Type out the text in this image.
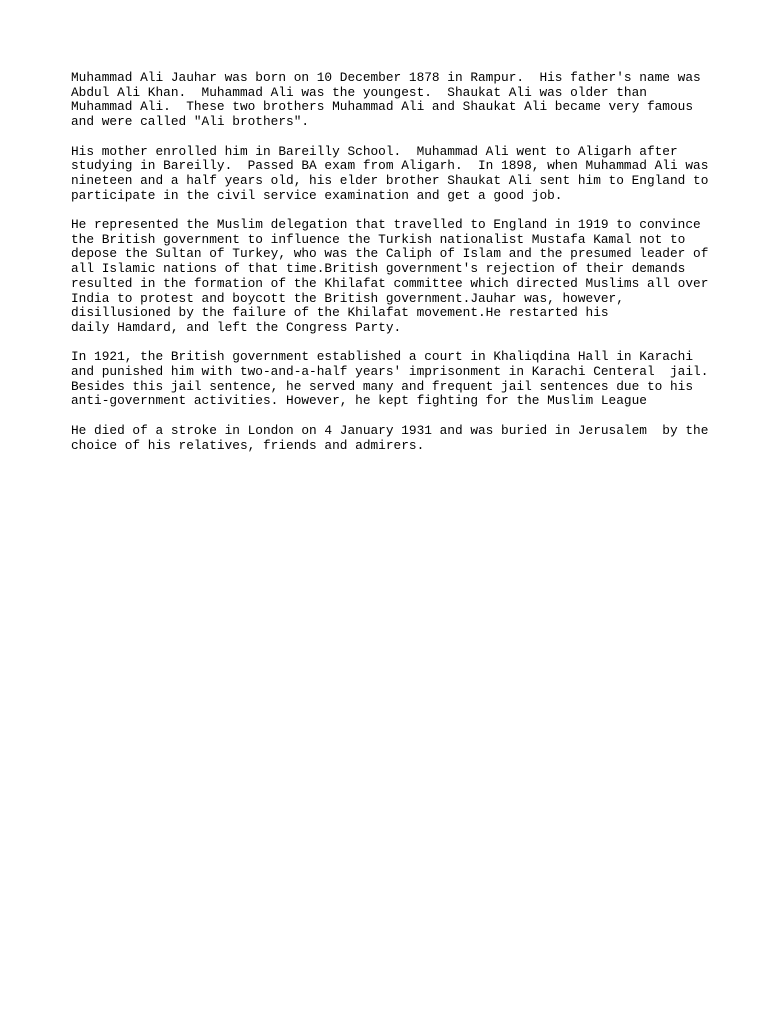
Muhammad Ali Jauhar was born on 10 December 1878 in Rampur.  His father's name was
Abdul Ali Khan.  Muhammad Ali was the youngest.  Shaukat Ali was older than
Muhammad Ali.  These two brothers Muhammad Ali and Shaukat Ali became very famous
and were called "Ali brothers".

His mother enrolled him in Bareilly School.  Muhammad Ali went to Aligarh after
studying in Bareilly.  Passed BA exam from Aligarh.  In 1898, when Muhammad Ali was
nineteen and a half years old, his elder brother Shaukat Ali sent him to England to
participate in the civil service examination and get a good job.

He represented the Muslim delegation that travelled to England in 1919 to convince
the British government to influence the Turkish nationalist Mustafa Kamal not to
depose the Sultan of Turkey, who was the Caliph of Islam and the presumed leader of
all Islamic nations of that time.British government's rejection of their demands
resulted in the formation of the Khilafat committee which directed Muslims all over
India to protest and boycott the British government.Jauhar was, however,
disillusioned by the failure of the Khilafat movement.He restarted his
daily Hamdard, and left the Congress Party.

In 1921, the British government established a court in Khaliqdina Hall in Karachi
and punished him with two-and-a-half years' imprisonment in Karachi Centeral  jail.
Besides this jail sentence, he served many and frequent jail sentences due to his
anti-government activities. However, he kept fighting for the Muslim League

He died of a stroke in London on 4 January 1931 and was buried in Jerusalem  by the
choice of his relatives, friends and admirers.
